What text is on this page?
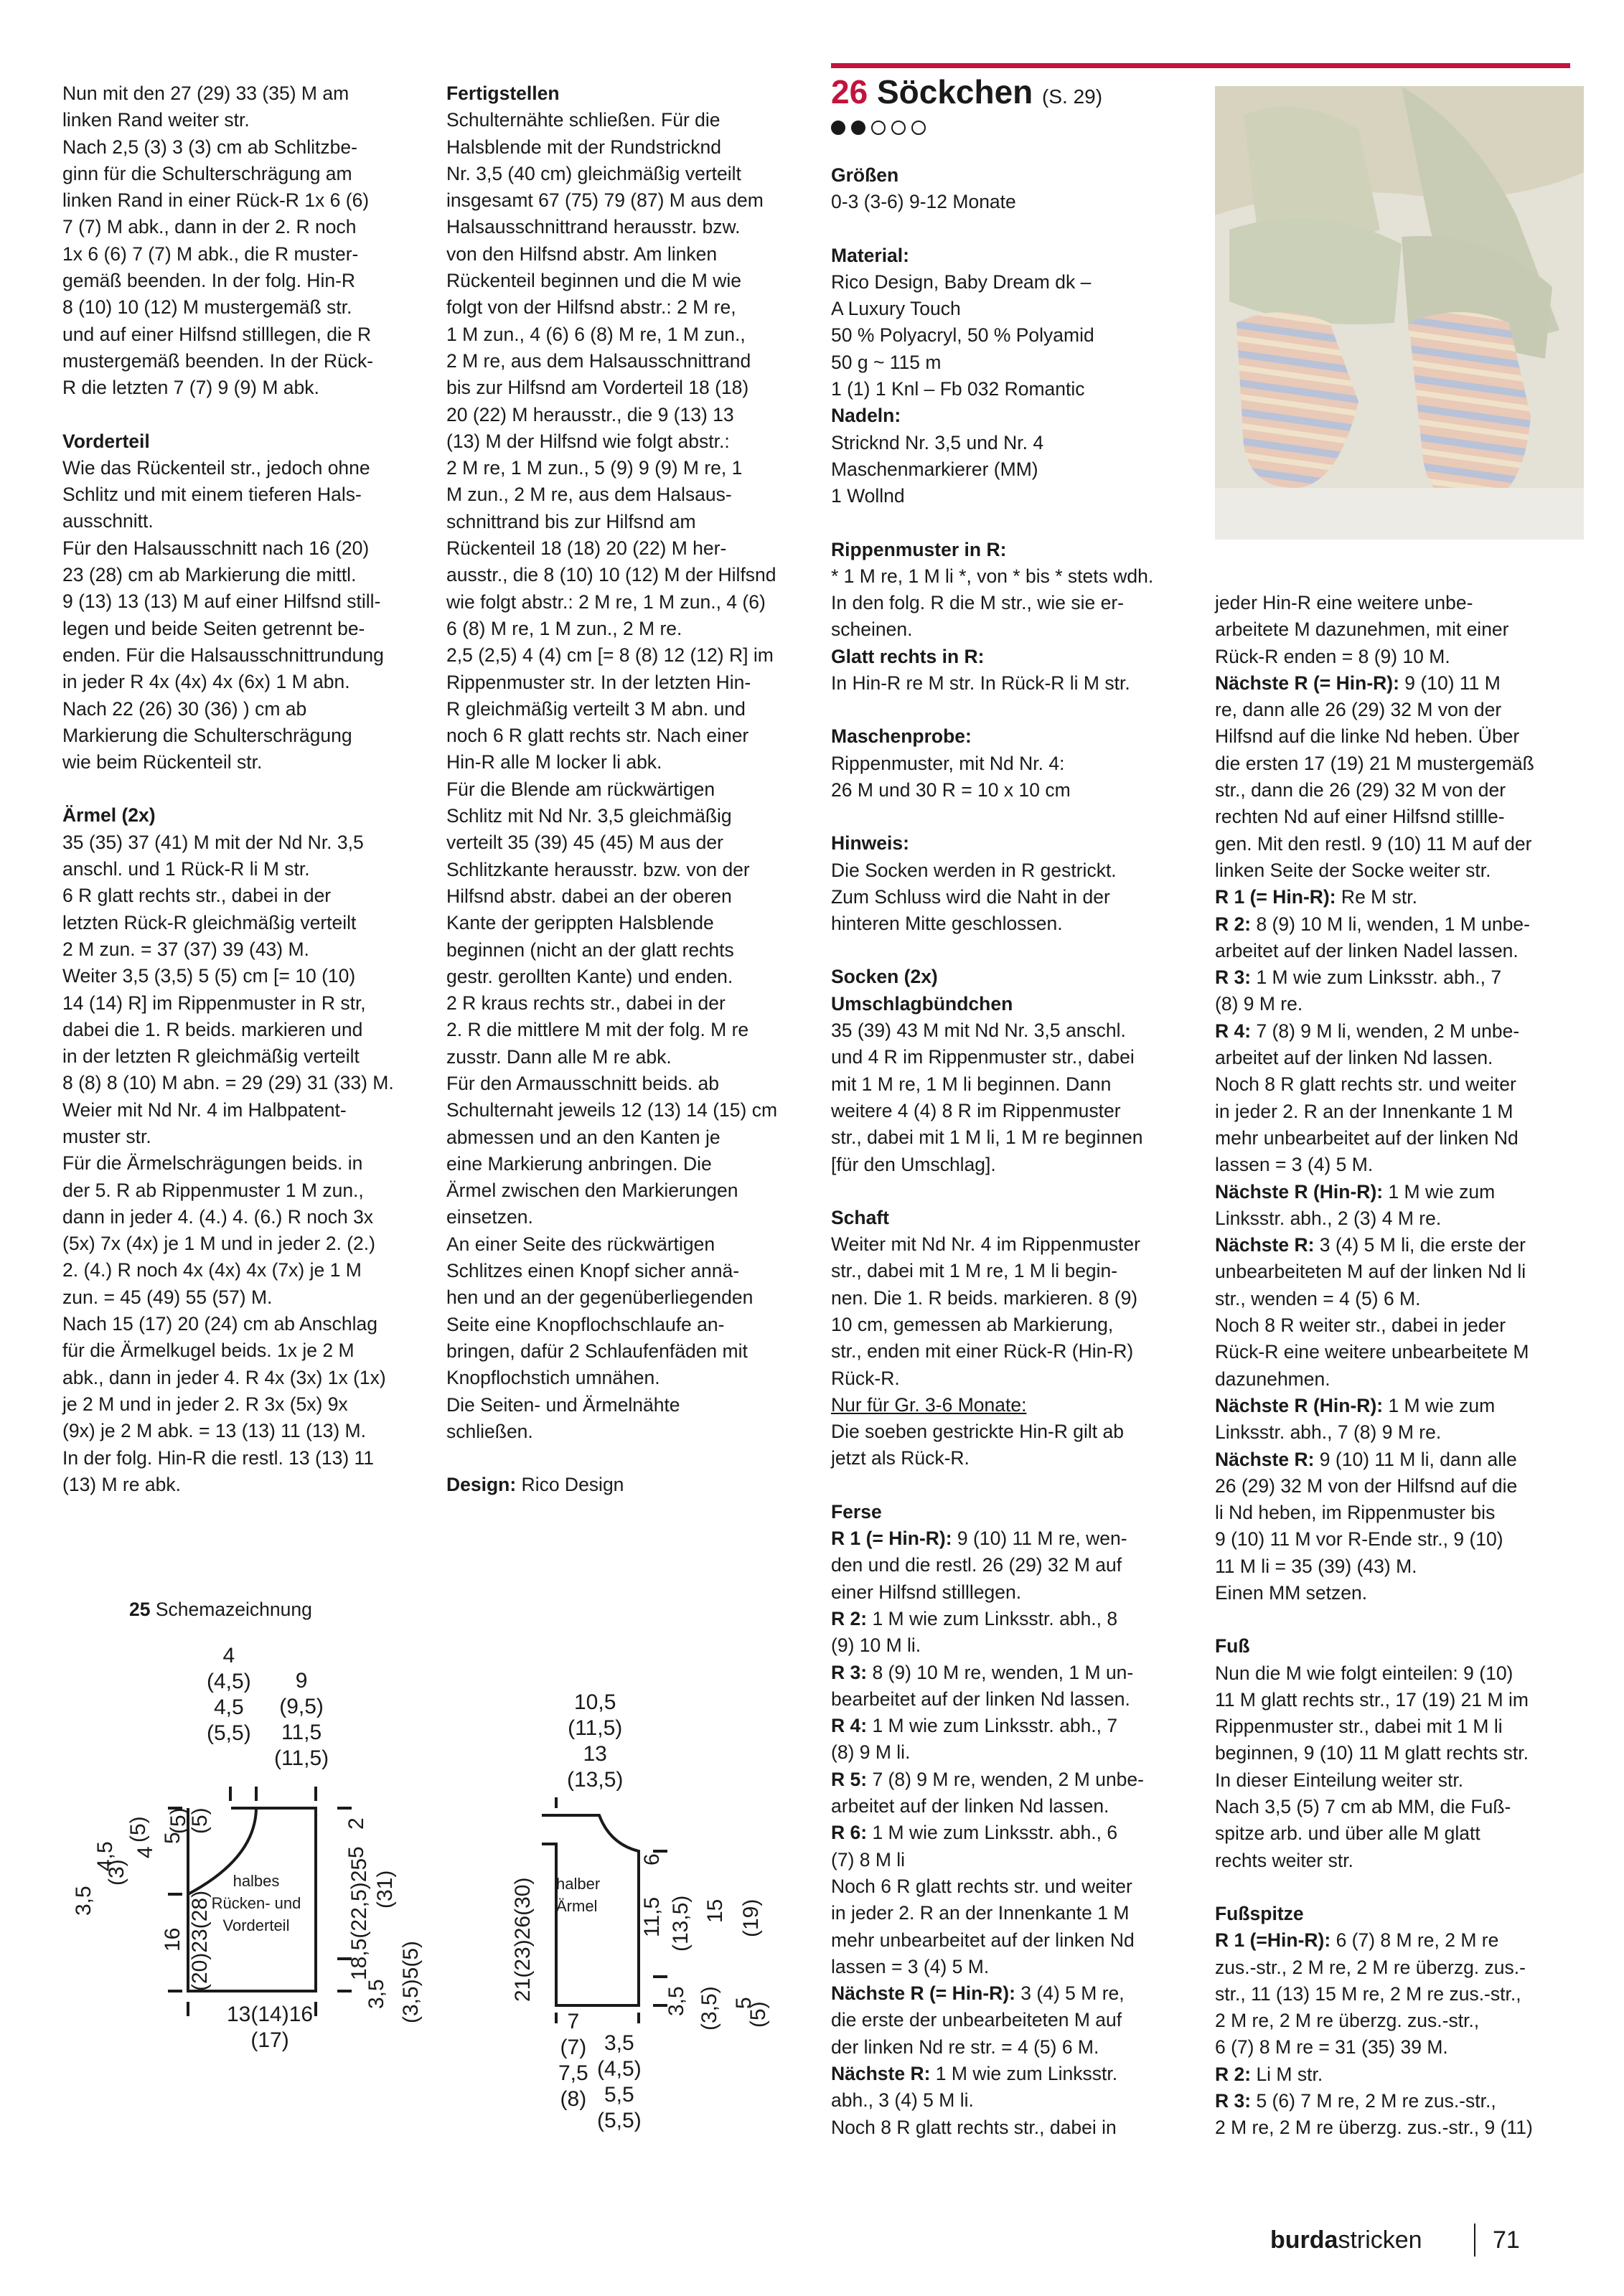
Nun mit den 27 (29) 33 (35) M am
linken Rand weiter str.
Nach 2,5 (3) 3 (3) cm ab Schlitzbe-
ginn für die Schulterschrägung am
linken Rand in einer Rück-R 1x 6 (6)
7 (7) M abk., dann in der 2. R noch
1x 6 (6) 7 (7) M abk., die R muster-
gemäß beenden. In der folg. Hin-R
8 (10) 10 (12) M mustergemäß str.
und auf einer Hilfsnd stilllegen, die R
mustergemäß beenden. In der Rück-
R die letzten 7 (7) 9 (9) M abk.

Vorderteil

Wie das Rückenteil str., jedoch ohne
Schlitz und mit einem tieferen Hals-
ausschnitt.
Für den Halsausschnitt nach 16 (20)
23 (28) cm ab Markierung die mittl.
9 (13) 13 (13) M auf einer Hilfsnd still-
legen und beide Seiten getrennt be-
enden. Für die Halsausschnittrundung
in jeder R 4x (4x) 4x (6x) 1 M abn.
Nach 22 (26) 30 (36) ) cm ab
Markierung die Schulterschrägung
wie beim Rückenteil str.

Ärmel (2x)

35 (35) 37 (41) M mit der Nd Nr. 3,5
anschl. und 1 Rück-R li M str.
6 R glatt rechts str., dabei in der
letzten Rück-R gleichmäßig verteilt
2 M zun. = 37 (37) 39 (43) M.
Weiter 3,5 (3,5) 5 (5) cm [= 10 (10)
14 (14) R] im Rippenmuster in R str,
dabei die 1. R beids. markieren und
in der letzten R gleichmäßig verteilt
8 (8) 8 (10) M abn. = 29 (29) 31 (33) M.
Weier mit Nd Nr. 4 im Halbpatent-
muster str.
Für die Ärmelschrägungen beids. in
der 5. R ab Rippenmuster 1 M zun.,
dann in jeder 4. (4.) 4. (6.) R noch 3x
(5x) 7x (4x) je 1 M und in jeder 2. (2.)
2. (4.) R noch 4x (4x) 4x (7x) je 1 M
zun. = 45 (49) 55 (57) M.
Nach 15 (17) 20 (24) cm ab Anschlag
für die Ärmelkugel beids. 1x je 2 M
abk., dann in jeder 4. R 4x (3x) 1x (1x)
je 2 M und in jeder 2. R 3x (5x) 9x
(9x) je 2 M abk. = 13 (13) 11 (13) M.
In der folg. Hin-R die restl. 13 (13) 11
(13) M re abk.

Fertigstellen

Schulternähte schließen. Für die
Halsblende mit der Rundstricknd
Nr. 3,5 (40 cm) gleichmäßig verteilt
insgesamt 67 (75) 79 (87) M aus dem
Halsausschnittrand herausstr. bzw.
von den Hilfsnd abstr. Am linken
Rückenteil beginnen und die M wie
folgt von der Hilfsnd abstr.: 2 M re,
1 M zun., 4 (6) 6 (8) M re, 1 M zun.,
2 M re, aus dem Halsausschnittrand
bis zur Hilfsnd am Vorderteil 18 (18)
20 (22) M herausstr., die 9 (13) 13
(13) M der Hilfsnd wie folgt abstr.:
2 M re, 1 M zun., 5 (9) 9 (9) M re, 1
M zun., 2 M re, aus dem Halsaus-
schnittrand bis zur Hilfsnd am
Rückenteil 18 (18) 20 (22) M her-
ausstr., die 8 (10) 10 (12) M der Hilfsnd
wie folgt abstr.: 2 M re, 1 M zun., 4 (6)
6 (8) M re, 1 M zun., 2 M re.
2,5 (2,5) 4 (4) cm [= 8 (8) 12 (12) R] im
Rippenmuster str. In der letzten Hin-
R gleichmäßig verteilt 3 M abn. und
noch 6 R glatt rechts str. Nach einer
Hin-R alle M locker li abk.
Für die Blende am rückwärtigen
Schlitz mit Nd Nr. 3,5 gleichmäßig
verteilt 35 (39) 45 (45) M aus der
Schlitzkante herausstr. bzw. von der
Hilfsnd abstr. dabei an der oberen
Kante der gerippten Halsblende
beginnen (nicht an der glatt rechts
gestr. gerollten Kante) und enden.
2 R kraus rechts str., dabei in der
2. R die mittlere M mit der folg. M re
zusstr. Dann alle M re abk.
Für den Armausschnitt beids. ab
Schulternaht jeweils 12 (13) 14 (15) cm
abmessen und an den Kanten je
eine Markierung anbringen. Die
Ärmel zwischen den Markierungen
einsetzen.
An einer Seite des rückwärtigen
Schlitzes einen Knopf sicher annä-
hen und an der gegenüberliegenden
Seite eine Knopflochschlaufe an-
bringen, dafür 2 Schlaufenfäden mit
Knopflochstich umnähen.
Die Seiten- und Ärmelnähte
schließen.

Design: Rico Design

26 Söckchen (S. 29)
Größen

0-3 (3-6) 9-12 Monate

Material:

Rico Design, Baby Dream dk –
A Luxury Touch
50 % Polyacryl, 50 % Polyamid
50 g ~ 115 m
1 (1) 1 Knl – Fb 032 Romantic

Nadeln:

Stricknd Nr. 3,5 und Nr. 4
Maschenmarkierer (MM)
1 Wollnd

Rippenmuster in R:

* 1 M re, 1 M li *, von * bis * stets wdh.
In den folg. R die M str., wie sie er-
scheinen.

Glatt rechts in R:

In Hin-R re M str. In Rück-R li M str.

Maschenprobe:

Rippenmuster, mit Nd Nr. 4:
26 M und 30 R = 10 x 10 cm

Hinweis:

Die Socken werden in R gestrickt.
Zum Schluss wird die Naht in der
hinteren Mitte geschlossen.

Socken (2x)
Umschlagbündchen

35 (39) 43 M mit Nd Nr. 3,5 anschl.
und 4 R im Rippenmuster str., dabei
mit 1 M re, 1 M li beginnen. Dann
weitere 4 (4) 8 R im Rippenmuster
str., dabei mit 1 M li, 1 M re beginnen
[für den Umschlag].

Schaft

Weiter mit Nd Nr. 4 im Rippenmuster
str., dabei mit 1 M re, 1 M li begin-
nen. Die 1. R beids. markieren. 8 (9)
10 cm, gemessen ab Markierung,
str., enden mit einer Rück-R (Hin-R)
Rück-R.

Nur für Gr. 3-6 Monate:

Die soeben gestrickte Hin-R gilt ab
jetzt als Rück-R.

Ferse

R 1 (= Hin-R): 9 (10) 11 M re, wen-
den und die restl. 26 (29) 32 M auf
einer Hilfsnd stilllegen.

R 2: 1 M wie zum Linksstr. abh., 8
(9) 10 M li.

R 3: 8 (9) 10 M re, wenden, 1 M un-
bearbeitet auf der linken Nd lassen.

R 4: 1 M wie zum Linksstr. abh., 7
(8) 9 M li.

R 5: 7 (8) 9 M re, wenden, 2 M unbe-
arbeitet auf der linken Nd lassen.

R 6: 1 M wie zum Linksstr. abh., 6
(7) 8 M li
Noch 6 R glatt rechts str. und weiter
in jeder 2. R an der Innenkante 1 M
mehr unbearbeitet auf der linken Nd
lassen = 3 (4) 5 M.

Nächste R (= Hin-R): 3 (4) 5 M re,
die erste der unbearbeiteten M auf
der linken Nd re str. = 4 (5) 6 M.

Nächste R: 1 M wie zum Linksstr.
abh., 3 (4) 5 M li.
Noch 8 R glatt rechts str., dabei in

jeder Hin-R eine weitere unbe-
arbeitete M dazunehmen, mit einer
Rück-R enden = 8 (9) 10 M.

Nächste R (= Hin-R): 9 (10) 11 M
re, dann alle 26 (29) 32 M von der
Hilfsnd auf die linke Nd heben. Über
die ersten 17 (19) 21 M mustergemäß
str., dann die 26 (29) 32 M von der
rechten Nd auf einer Hilfsnd stillle-
gen. Mit den restl. 9 (10) 11 M auf der
linken Seite der Socke weiter str.

R 1 (= Hin-R): Re M str.

R 2: 8 (9) 10 M li, wenden, 1 M unbe-
arbeitet auf der linken Nadel lassen.

R 3: 1 M wie zum Linksstr. abh., 7
(8) 9 M re.

R 4: 7 (8) 9 M li, wenden, 2 M unbe-
arbeitet auf der linken Nd lassen.
Noch 8 R glatt rechts str. und weiter
in jeder 2. R an der Innenkante 1 M
mehr unbearbeitet auf der linken Nd
lassen = 3 (4) 5 M.

Nächste R (Hin-R): 1 M wie zum
Linksstr. abh., 2 (3) 4 M re.

Nächste R: 3 (4) 5 M li, die erste der
unbearbeiteten M auf der linken Nd li
str., wenden = 4 (5) 6 M.
Noch 8 R weiter str., dabei in jeder
Rück-R eine weitere unbearbeitete M
dazunehmen.

Nächste R (Hin-R): 1 M wie zum
Linksstr. abh., 7 (8) 9 M re.

Nächste R: 9 (10) 11 M li, dann alle
26 (29) 32 M von der Hilfsnd auf die
li Nd heben, im Rippenmuster bis
9 (10) 11 M vor R-Ende str., 9 (10)
11 M li = 35 (39) (43) M.
Einen MM setzen.

Fuß

Nun die M wie folgt einteilen: 9 (10)
11 M glatt rechts str., 17 (19) 21 M im
Rippenmuster str., dabei mit 1 M li
beginnen, 9 (10) 11 M glatt rechts str.
In dieser Einteilung weiter str.
Nach 3,5 (5) 7 cm ab MM, die Fuß-
spitze arb. und über alle M glatt
rechts weiter str.

Fußspitze

R 1 (=Hin-R): 6 (7) 8 M re, 2 M re
zus.-str., 2 M re, 2 M re überzg. zus.-
str., 11 (13) 15 M re, 2 M re zus.-str.,
2 M re, 2 M re überzg. zus.-str.,
6 (7) 8 M re = 31 (35) 39 M.

R 2: Li M str.

R 3: 5 (6) 7 M re, 2 M re zus.-str.,
2 M re, 2 M re überzg. zus.-str., 9 (11)

25 Schemazeichnung
4
(4,5)
4,5
(5,5)
9
(9,5)
11,5
(11,5)
3,5
(3)
4,5
(5)
4
(5)
5
(5)
16 (20)23(28)
2
5
18,5(22,5)25 (31)
3,5 (3,5)5(5)
halbes Rücken- und Vorderteil
13(14)16
(17)
10,5
(11,5)
13
(13,5)
21(23)26(30)
6
11,5 (13,5) 15 (19)
3,5 (3,5) 5
(5)
halber Ärmel
7
(7)
7,5
(8)
3,5
(4,5)
5,5
(5,5)
burdastricken	71
